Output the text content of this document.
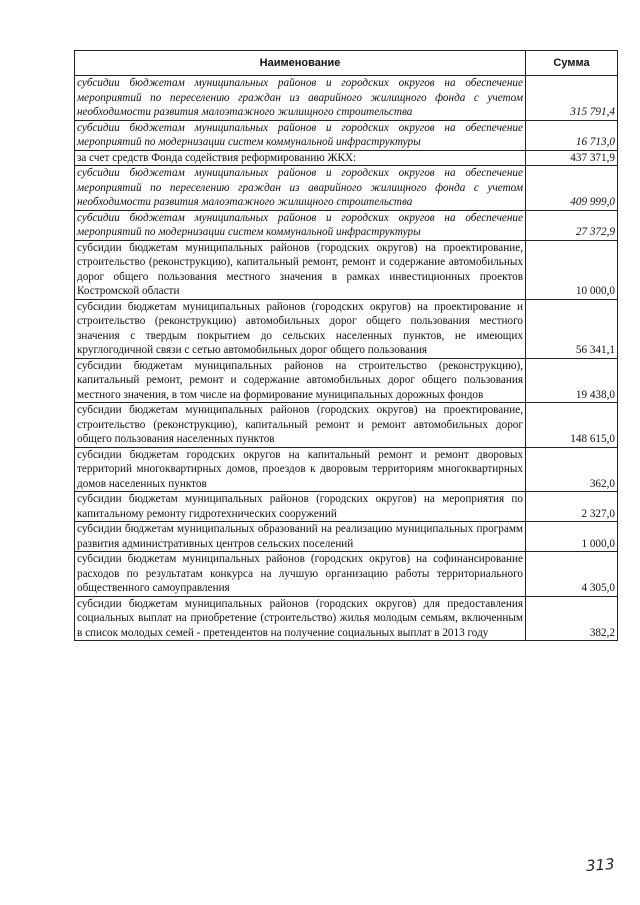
Наименование	Сумма
субсидии бюджетам муниципальных районов и городских округов на обеспечение мероприятий по переселению граждан из аварийного жилищного фонда с учетом необходимости развития малоэтажного жилищного строительства	315 791,4
субсидии бюджетам муниципальных районов и городских округов на обеспечение мероприятий по модернизации систем коммунальной инфраструктуры	16 713,0
за счет средств Фонда содействия реформированию ЖКХ:	437 371,9
субсидии бюджетам муниципальных районов и городских округов на обеспечение мероприятий по переселению граждан из аварийного жилищного фонда с учетом необходимости развития малоэтажного жилищного строительства	409 999,0
субсидии бюджетам муниципальных районов и городских округов на обеспечение мероприятий по модернизации систем коммунальной инфраструктуры	27 372,9
субсидии бюджетам муниципальных районов (городских округов) на проектирование, строительство (реконструкцию), капитальный ремонт, ремонт и содержание автомобильных дорог общего пользования местного значения в рамках инвестиционных проектов Костромской области	10 000,0
субсидии бюджетам муниципальных районов (городских округов) на проектирование и строительство (реконструкцию) автомобильных дорог общего пользования местного значения с твердым покрытием до сельских населенных пунктов, не имеющих круглогодичной связи с сетью автомобильных дорог общего пользования	56 341,1
субсидии бюджетам муниципальных районов на строительство (реконструкцию), капитальный ремонт, ремонт и содержание автомобильных дорог общего пользования местного значения, в том числе на формирование муниципальных дорожных фондов	19 438,0
субсидии бюджетам муниципальных районов (городских округов) на проектирование, строительство (реконструкцию), капитальный ремонт и ремонт автомобильных дорог общего пользования населенных пунктов	148 615,0
субсидии бюджетам городских округов на капитальный ремонт и ремонт дворовых территорий многоквартирных домов, проездов к дворовым территориям многоквартирных домов населенных пунктов	362,0
субсидии бюджетам муниципальных районов (городских округов) на мероприятия по капитальному ремонту гидротехнических сооружений	2 327,0
субсидии бюджетам муниципальных образований на реализацию муниципальных программ развития административных центров сельских поселений	1 000,0
субсидии бюджетам муниципальных районов (городских округов) на софинансирование расходов по результатам конкурса на лучшую организацию работы территориального общественного самоуправления	4 305,0
субсидии бюджетам муниципальных районов (городских округов) для предоставления социальных выплат на приобретение (строительство) жилья молодым семьям, включенным в список молодых семей - претендентов на получение социальных выплат в 2013 году	382,2
313
